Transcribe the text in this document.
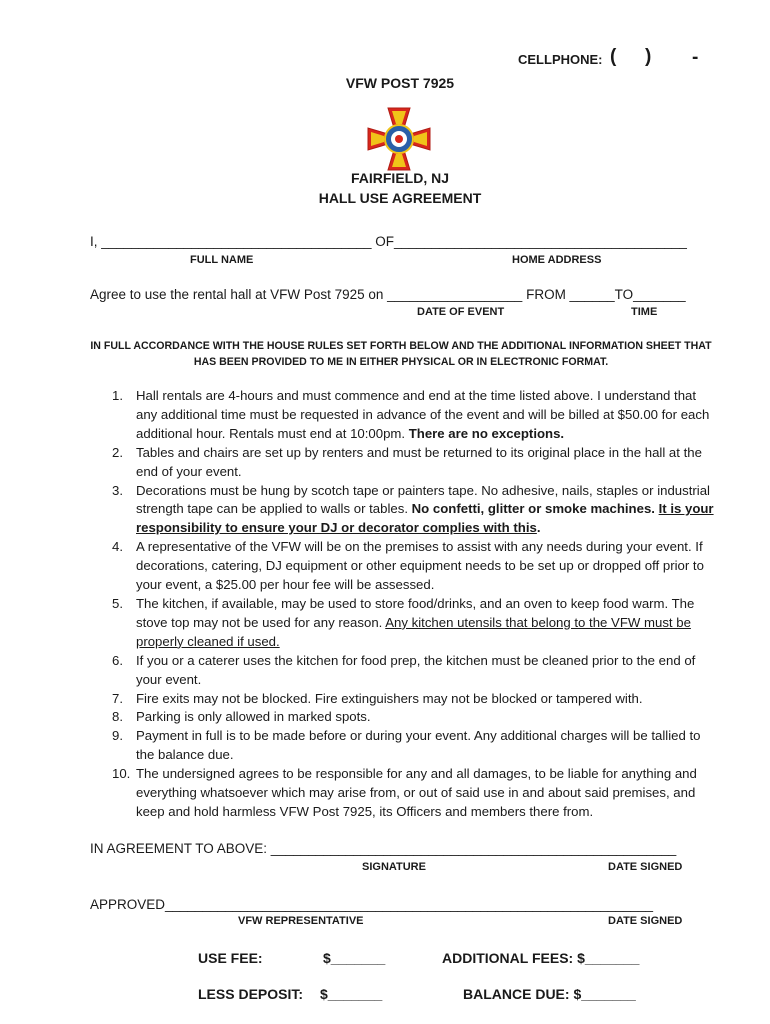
CELLPHONE: ( ) -
VFW POST 7925
FAIRFIELD, NJ
HALL USE AGREEMENT
I, ____________________________________ OF_______________________________________
FULL NAME	HOME ADDRESS
Agree to use the rental hall at VFW Post 7925 on __________________ FROM ______TO_______
DATE OF EVENT	TIME
IN FULL ACCORDANCE WITH THE HOUSE RULES SET FORTH BELOW AND THE ADDITIONAL INFORMATION SHEET THAT HAS BEEN PROVIDED TO ME IN EITHER PHYSICAL OR IN ELECTRONIC FORMAT.
1. Hall rentals are 4-hours and must commence and end at the time listed above. I understand that any additional time must be requested in advance of the event and will be billed at $50.00 for each additional hour. Rentals must end at 10:00pm. There are no exceptions.
2. Tables and chairs are set up by renters and must be returned to its original place in the hall at the end of your event.
3. Decorations must be hung by scotch tape or painters tape. No adhesive, nails, staples or industrial strength tape can be applied to walls or tables. No confetti, glitter or smoke machines. It is your responsibility to ensure your DJ or decorator complies with this.
4. A representative of the VFW will be on the premises to assist with any needs during your event. If decorations, catering, DJ equipment or other equipment needs to be set up or dropped off prior to your event, a $25.00 per hour fee will be assessed.
5. The kitchen, if available, may be used to store food/drinks, and an oven to keep food warm. The stove top may not be used for any reason. Any kitchen utensils that belong to the VFW must be properly cleaned if used.
6. If you or a caterer uses the kitchen for food prep, the kitchen must be cleaned prior to the end of your event.
7. Fire exits may not be blocked. Fire extinguishers may not be blocked or tampered with.
8. Parking is only allowed in marked spots.
9. Payment in full is to be made before or during your event. Any additional charges will be tallied to the balance due.
10. The undersigned agrees to be responsible for any and all damages, to be liable for anything and everything whatsoever which may arise from, or out of said use in and about said premises, and keep and hold harmless VFW Post 7925, its Officers and members there from.
IN AGREEMENT TO ABOVE: ______________________________________________________
SIGNATURE	DATE SIGNED
APPROVED_________________________________________________________________
VFW REPRESENTATIVE	DATE SIGNED
USE FEE:	$_______	ADDITIONAL FEES: $_______
LESS DEPOSIT: $_______	BALANCE DUE: $_______
